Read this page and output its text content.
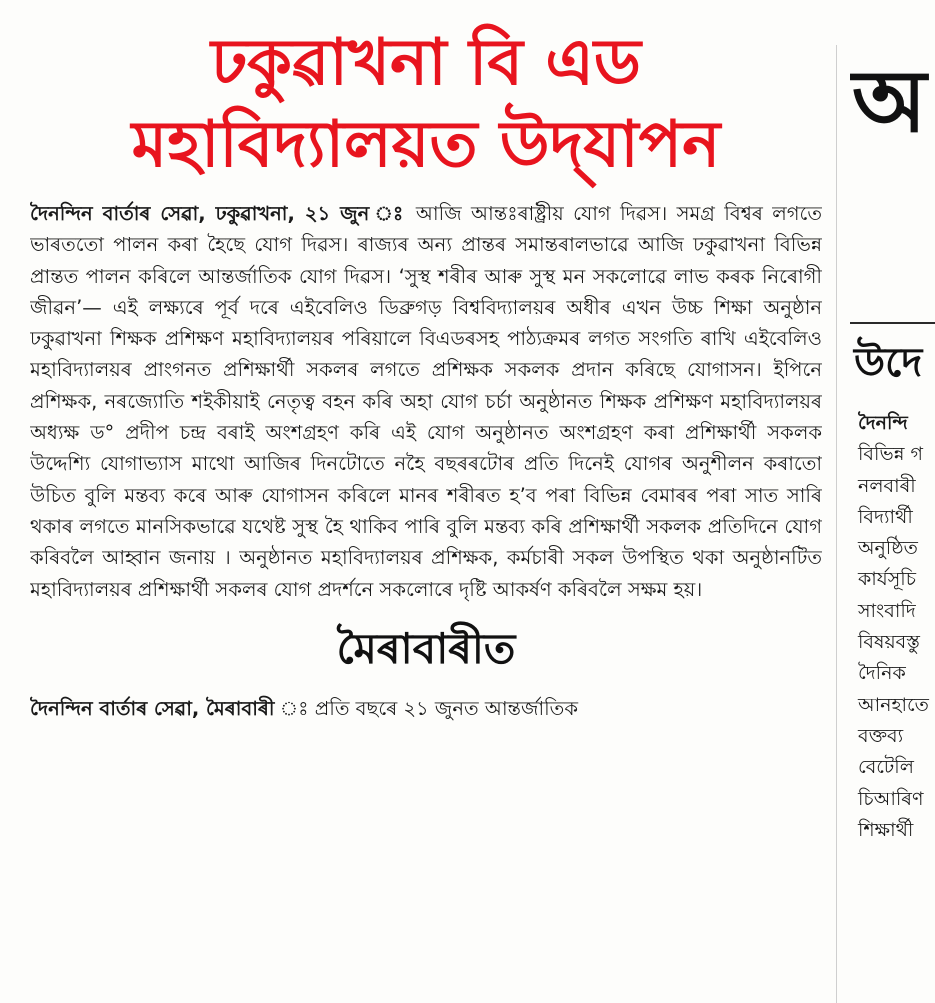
ঢকুৱাখনা বি এড
মহাবিদ্যালয়ত উদ্‌যাপন

দৈনন্দিন বাৰ্তাৰ সেৱা, ঢকুৱাখনা, ২১ জুন ঃ আজি আন্তঃৰাষ্ট্ৰীয় যোগ দিৱস। সমগ্ৰ বিশ্বৰ লগতে ভাৰততো পালন কৰা হৈছে যোগ দিৱস। ৰাজ্যৰ অন্য প্ৰান্তৰ সমান্তৰালভাৱে আজি ঢকুৱাখনা বিভিন্ন প্ৰান্তত পালন কৰিলে আন্তৰ্জাতিক যোগ দিৱস। ‘সুস্থ শৰীৰ আৰু সুস্থ মন সকলোৱে লাভ কৰক নিৰোগী জীৱন’— এই লক্ষ্যৰে পূৰ্ব দৰে এইবেলিও ডিব্ৰুগড় বিশ্ববিদ্যালয়ৰ অধীৰ এখন উচ্চ শিক্ষা অনুষ্ঠান ঢকুৱাখনা শিক্ষক প্ৰশিক্ষণ মহাবিদ্যালয়ৰ পৰিয়ালে বিএডৰসহ পাঠ্যক্ৰমৰ লগত সংগতি ৰাখি এইবেলিও মহাবিদ্যালয়ৰ প্ৰাংগনত প্ৰশিক্ষাৰ্থী সকলৰ লগতে প্ৰশিক্ষক সকলক প্ৰদান কৰিছে যোগাসন। ইপিনে প্ৰশিক্ষক, নৰজ্যোতি শইকীয়াই নেতৃত্ব বহন কৰি অহা যোগ চৰ্চা অনুষ্ঠানত শিক্ষক প্ৰশিক্ষণ মহাবিদ্যালয়ৰ অধ্যক্ষ ড° প্ৰদীপ চন্দ্ৰ বৰাই অংশগ্ৰহণ কৰি এই যোগ অনুষ্ঠানত অংশগ্ৰহণ কৰা প্ৰশিক্ষাৰ্থী সকলক উদ্দেশ্যি যোগাভ্যাস মাথো আজিৰ দিনটোতে নহৈ বছৰৰটোৰ প্ৰতি দিনেই যোগৰ অনুশীলন কৰাতো উচিত বুলি মন্তব্য কৰে আৰু যোগাসন কৰিলে মানৰ শৰীৰত হ’ব পৰা বিভিন্ন বেমাৰৰ পৰা সাত সাৰি থকাৰ লগতে মানসিকভাৱে যথেষ্ট সুস্থ হৈ থাকিব পাৰি বুলি মন্তব্য কৰি প্ৰশিক্ষাৰ্থী সকলক প্ৰতিদিনে যোগ কৰিবলৈ আহ্বান জনায় । অনুষ্ঠানত মহাবিদ্যালয়ৰ প্ৰশিক্ষক, কৰ্মচাৰী সকল উপস্থিত থকা অনুষ্ঠানটিত মহাবিদ্যালয়ৰ প্ৰশিক্ষাৰ্থী সকলৰ যোগ প্ৰদৰ্শনে সকলোৰে দৃষ্টি আকৰ্ষণ কৰিবলৈ সক্ষম হয়।

মৈৰাবাৰীত
দৈনন্দিন বাৰ্তাৰ সেৱা, মৈৰাবাৰী ঃ প্ৰতি বছৰে ২১ জুনত আন্তৰ্জাতিক
অ
উদে
দৈনন্দি
বিভিন্ন গ
নলবাৰী
বিদ্যাৰ্থী
অনুষ্ঠিত
কাৰ্যসূচি
সাংবাদি
বিষয়বস্তু
দৈনিক
আনহাতে
বক্তব্য
বেটেলি
চিআৰিণ
শিক্ষাৰ্থী
